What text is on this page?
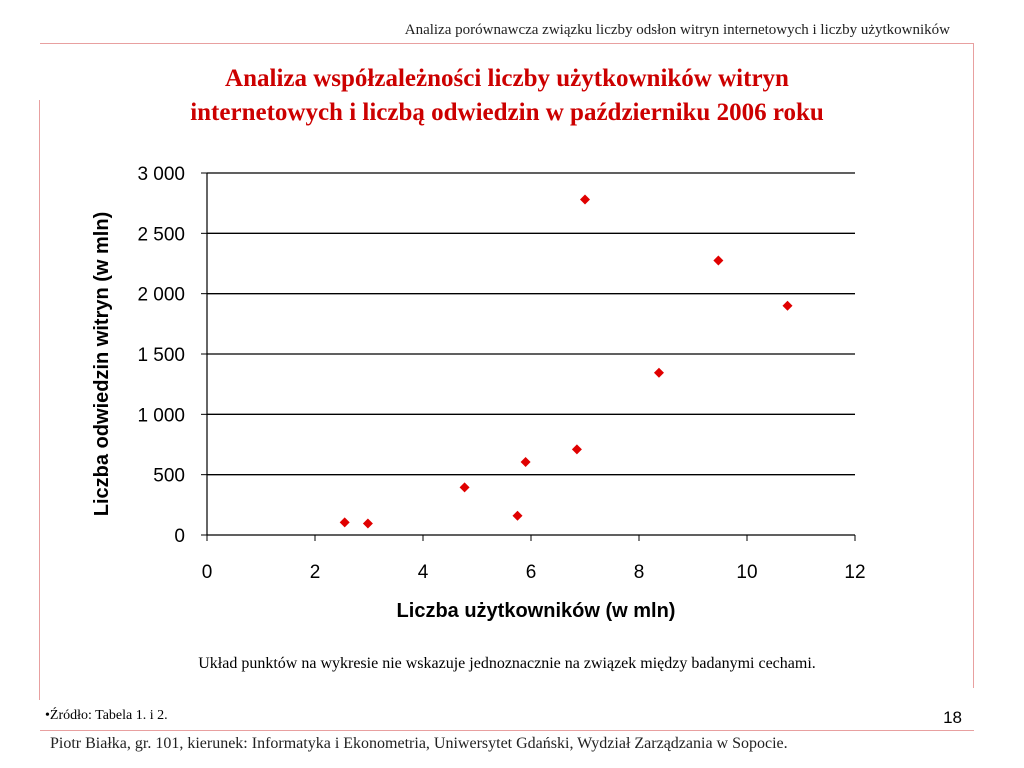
Analiza porównawcza związku liczby odsłon witryn internetowych i liczby użytkowników
Analiza współzależności liczby użytkowników witryn
internetowych i liczbą odwiedzin w październiku 2006 roku
0
500
1 000
1 500
2 000
2 500
3 000
0	2	4	6	8	10	12
Liczba użytkowników (w mln)
Liczba odwiedzin witryn (w mln)
Układ punktów na wykresie nie wskazuje jednoznacznie na związek między badanymi cechami.
•Źródło: Tabela 1. i 2.	18
Piotr Białka, gr. 101, kierunek: Informatyka i Ekonometria, Uniwersytet Gdański, Wydział Zarządzania w Sopocie.
